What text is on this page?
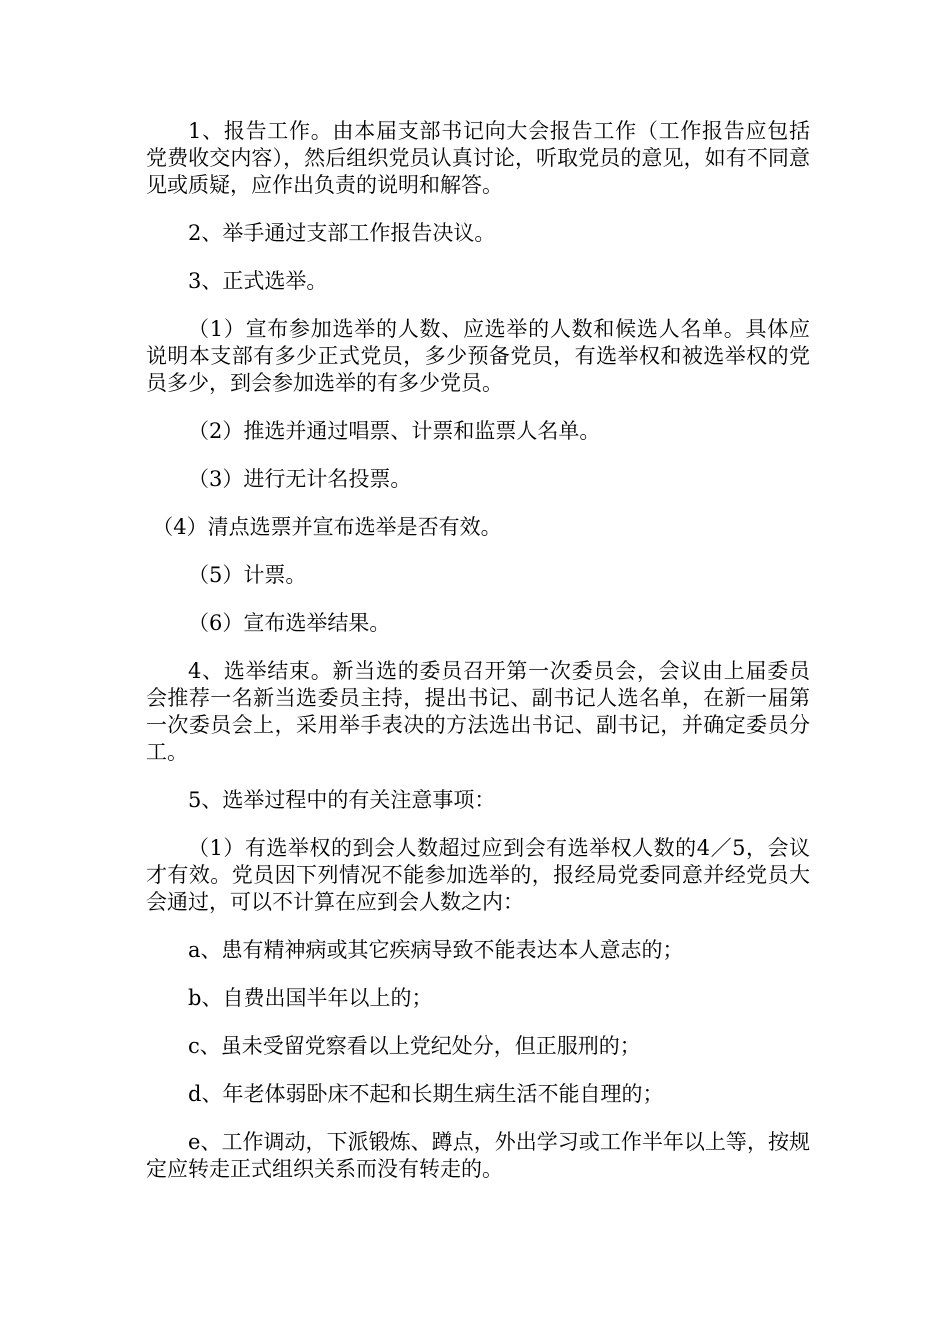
1、报告工作。由本届支部书记向大会报告工作（工作报告应包括党费收交内容），然后组织党员认真讨论，听取党员的意见，如有不同意见或质疑，应作出负责的说明和解答。

2、举手通过支部工作报告决议。

3、正式选举。

（1）宣布参加选举的人数、应选举的人数和候选人名单。具体应说明本支部有多少正式党员，多少预备党员，有选举权和被选举权的党员多少，到会参加选举的有多少党员。

（2）推选并通过唱票、计票和监票人名单。

（3）进行无计名投票。

（4）清点选票并宣布选举是否有效。

（5）计票。

（6）宣布选举结果。

4、选举结束。新当选的委员召开第一次委员会，会议由上届委员会推荐一名新当选委员主持，提出书记、副书记人选名单，在新一届第一次委员会上，采用举手表决的方法选出书记、副书记，并确定委员分工。

5、选举过程中的有关注意事项：

（1）有选举权的到会人数超过应到会有选举权人数的4／5，会议才有效。党员因下列情况不能参加选举的，报经局党委同意并经党员大会通过，可以不计算在应到会人数之内：

a、患有精神病或其它疾病导致不能表达本人意志的；

b、自费出国半年以上的；

c、虽未受留党察看以上党纪处分，但正服刑的；

d、年老体弱卧床不起和长期生病生活不能自理的；

e、工作调动，下派锻炼、蹲点，外出学习或工作半年以上等，按规定应转走正式组织关系而没有转走的。
